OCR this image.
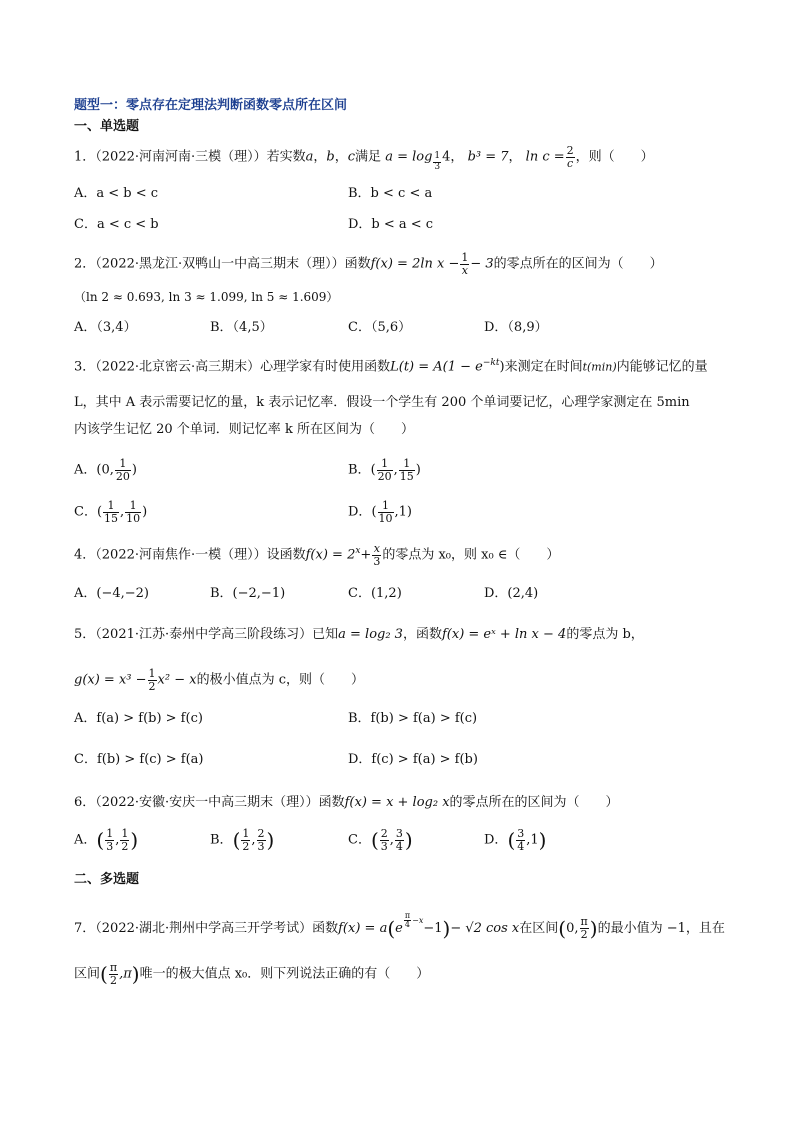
题型一：零点存在定理法判断函数零点所在区间
一、单选题
1．（2022·河南河南·三模（理））若实数a，b，c满足 $a = \log \frac{1}{3} 4$， b³ = 7， $\ln c = \frac{2}{c}$ ，则（　　）
A．a < b < c	B．b < c < a
C．a < c < b	D．b < a < c
2．（2022·黑龙江·双鸭山一中高三期末（理））函数f(x) = 2ln $x - \frac{1}{x} - 3$的零点所在的区间为（　　）
（ln 2 ≈ 0.693, ln 3 ≈ 1.099, ln 5 ≈ 1.609）
A．（3,4）	B．（4,5）	C．（5,6）	D．（8,9）
3．（2022·北京密云·高三期末）心理学家有时使用函数$L(t) = A(1 - e^{-kt})$来测定在时间t(min)内能够记忆的量
L，其中 A 表示需要记忆的量，k 表示记忆率．假设一个学生有 200 个单词要记忆，心理学家测定在 5min
内该学生记忆 20 个单词．则记忆率 k 所在区间为（　　）
A．(0, $\frac{1}{20}$ )	B．( $\frac{1}{20}$ , $\frac{1}{15}$ )
C．( $\frac{1}{15}$ , $\frac{1}{10}$ )	D．( $\frac{1}{10} ,1$)
4．（2022·河南焦作·一模（理））设函数$f(x) = 2^x+ \frac{x}{3}$ 的零点为 x₀，则 x₀ ∈（　　）
A．(−4,−2)	B．(−2,−1)	C．(1,2)	D．(2,4)
5．（2021·江苏·泰州中学高三阶段练习）已知a = log₂ 3，函数f(x) = eˣ + ln x − 4的零点为 b，
$g(x) = x^3 - \frac{1}{2} x^2 - x$的极小值点为 c，则（　　）
A．f(a) > f(b) > f(c)	B．f(b) > f(a) > f(c)
C．f(b) > f(c) > f(a)	D．f(c) > f(a) > f(b)
6．（2022·安徽·安庆一中高三期末（理））函数f(x) = x + log₂ x的零点所在的区间为（　　）
A．( $\frac{1}{3}$ , $\frac{1}{2}$ )	B．( $\frac{1}{2}$ , $\frac{2}{3}$ )	C．( $\frac{2}{3}$ , $\frac{3}{4}$ )	D．( $\frac{3}{4} ,1$)
二、多选题
7．（2022·湖北·荆州中学高三开学考试）函数f(x) = a(e $^{\frac{\pi}{4} -x}$−1)− √2 cos x在区间(0, $\frac{\pi}{2}$ )的最小值为 −1，且在
区间( $\frac{\pi}{2} ,\pi$)唯一的极大值点 x₀．则下列说法正确的有（　　）
